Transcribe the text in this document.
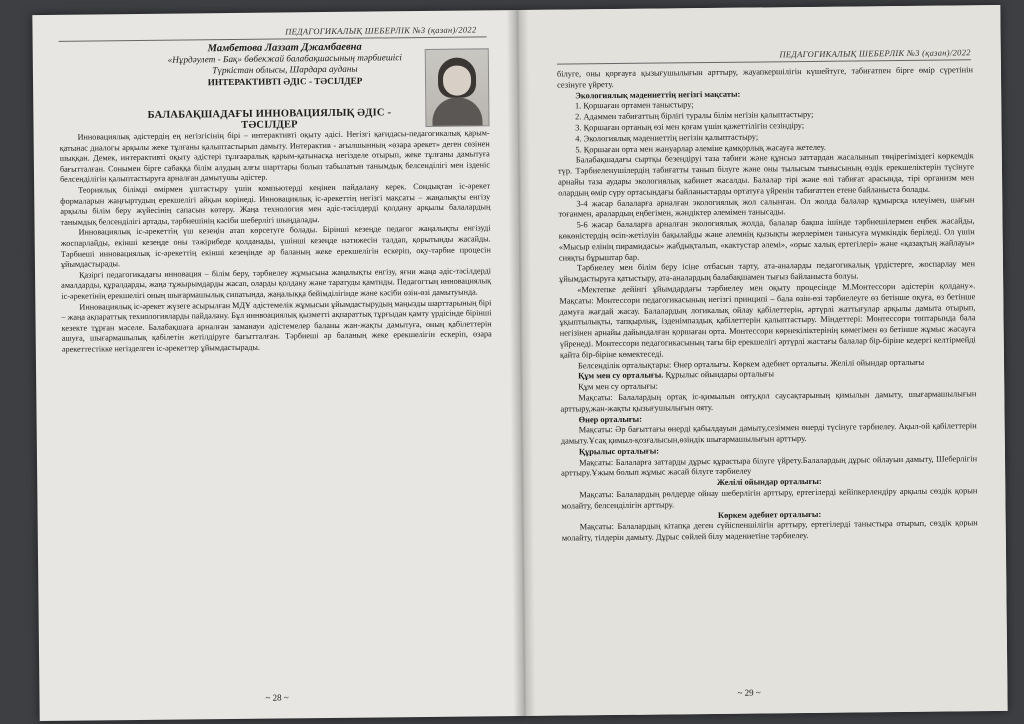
ПЕДАГОГИКАЛЫҚ ШЕБЕРЛІК №3 (қазан)/2022
Мамбетова Лаззат Джамбаевна
«Нұрдәулет - Бақ» бөбекжай балабақшасының тәрбиешісі Түркістан облысы, Шардара ауданы
ИНТЕРАКТИВТІ ӘДІС - ТӘСІЛДЕР
БАЛАБАҚШАДАҒЫ ИННОВАЦИЯЛЫҚ ӘДІС - ТӘСІЛДЕР

Инновациялық әдістердің ең негізгісінің бірі – интерактивті оқыту әдісі. Негізгі қағидасы-педагогикалық қарым-қатынас диалогы арқылы жеке тұлғаны қалыптастырып дамыту. Интерактив - ағылшынның «өзара әрекет» деген сөзінен шыққан. Демек, интерактивті оқыту әдістері тұлғааралық қарым-қатынасқа негізделе отырып, жеке тұлғаны дамытуға бағытталған. Сонымен бірге сабаққа білім алудың алғы шарттары болып табылатын танымдық белсенділігі мен ізденіс белсенділігін қалыптастыруға арналған дамытушы әдістер.

Теориялық білімді өмірмен ұштастыру үшін компьютерді кеңінен пайдалану керек. Сондықтан іс-әрекет формаларын жаңғыртудың ерекшелігі айқын көрінеді. Инновациялық іс-әрекеттің негізгі мақсаты – жаңалықты енгізу арқылы білім беру жүйесінің сапасын көтеру. Жаңа технология мен әдіс-тәсілдерді қолдану арқылы балалардың танымдық белсенділігі артады, тәрбиешінің кәсіби шеберлігі шыңдалады.

Инновациялық іс-әрекеттің үш кезеңін атап көрсетуге болады. Бірінші кезеңде педагог жаңалықты енгізуді жоспарлайды, екінші кезеңде оны тәжірибеде қолданады, үшінші кезеңде нәтижесін талдап, қорытынды жасайды. Тәрбиеші инновациялық іс-әрекеттің екінші кезеңінде әр баланың жеке ерекшелігін ескеріп, оқу-тәрбие процесін ұйымдастырады.

Қазіргі педагогикадағы инновация – білім беру, тәрбиелеу жұмысына жаңалықты енгізу, яғни жаңа әдіс-тәсілдерді амалдарды, құралдарды, жаңа тұжырымдарды жасап, оларды қолдану және таратуды қамтиды. Педагогтың инновациялық іс-әрекетінің ерекшелігі оның шығармашылық сипатында, жаңалыққа бейімділігінде және кәсіби өзін-өзі дамытуында.

Инновациялық іс-әрекет жүзеге асырылған МДҰ әдістемелік жұмысын ұйымдастырудың маңызды шарттарының бірі – жаңа ақпараттық технологияларды пайдалану. Бұл иннвоациялық қызметті ақпараттық тұрғыдан қамту үрдісінде бірінші кезекте тұрған мәселе. Балабақшаға арналған заманауи әдістемелер баланы жан-жақты дамытуға, оның қабілеттерін ашуға, шығармашылық қабілетін жетілдіруге бағытталған. Тәрбиеші әр баланың жеке ерекшелігін ескеріп, өзара әрекеттестікке негізделген іс-әрекеттер ұйымдастырады.

~ 28 ~
ПЕДАГОГИКАЛЫҚ ШЕБЕРЛІК №3 (қазан)/2022

білуге, оны қорғауға қызығушылығын арттыру, жауапкершілігін күшейтуге, табиғатпен бірге өмір сүретінін сезінуге үйрету.

Экологиялық мәдениеттің негізгі мақсаты:

1. Қоршаған ортамен таныстыру;
2. Адаммен табиғаттың бірлігі туралы білім негізін қалыптастыру;
3. Қоршаған ортаның өзі мен қоғам үшін қажеттілігін сезіндіру;
4. Экологиялық мәдениеттің негізін қалыптастыру;
5. Қоршаған орта мен жануарлар әлеміне қамқорлық жасауға жетелеу.

Балабақшадағы сыртқы безендіруі таза табиғи және құнсыз заттардан жасалынып төңірегіміздегі көркемдік түр. Тәрбиеленушілердің табиғатты танып білуге және оны тылысым тынысының өздік ерекшеліктерін түсінуге арнайы таза аудары экологиялық кабинет жасалды. Балалар тірі және өлі табиғат арасында, тірі организм мен олардың өмір сүру ортасындағы байланыстарды ортатуға үйренін табиғаттен етене байланыста болады.

3-4 жасар балаларға арналған экологиялық жол салынған. Ол жолда балалар құмырсқа илеуімен, шағын тоғанмен, аралардың еңбегімен, жәндіктер әлемімен танысады.

5-6 жасар балаларға арналған экологиялық жолда, балалар бақша ішінде тәрбиешілермен еңбек жасайды, көкөністердің өсіп-жетілуін бақылайды және әлемнің қызықты жерлерімен танысуға мүмкіндік беріледі. Ол үшін «Мысыр елінің пирамидасы» жабдықталып, «кактустар әлемі», «орыс халық ертегілері» және «қазақтың жайлауы» сияқты бұрыштар бар.

Тәрбиелеу мен білім беру ісіне отбасын тарту, ата-аналарды педагогикалық үрдістерге, жоспарлау мен ұйымдастыруға қатыстыру, ата-аналардың балабақшамен тығыз байланыста болуы.

«Мектепке дейінгі ұйымдардағы тәрбиелеу мен оқыту процесінде М.Монтессори әдістерін қолдану». Мақсаты: Монтессори педагогикасының негізгі принципі – бала өзін-өзі тәрбиелеуге өз бетінше оқуға, өз бетінше дамуға жағдай жасау. Балалардың логикалық ойлау қабілеттерін, әртүрлі жаттығулар арқылы дамыта отырып, ұқыптылықты, тапқырлық, ізденімпаздық қабілеттерін қалыптастыру. Міндеттері: Монтессори топтарында бала негізінен арнайы дайындалған қоршаған орта. Монтессори көрнекіліктерінің көмегімен өз бетінше жұмыс жасауға үйренеді. Монтессори педагогикасының тағы бір ерекшелігі әртүрлі жастағы балалар бір-біріне кедергі келтірмейді қайта бір-біріне көмектеседі.

Белсенділік орталықтары: Өнер орталығы. Көркем әдебиет орталығы. Желілі ойындар орталығы

Құм мен су орталығы. Құрылыс ойындары орталығы

Құм мен су орталығы:

Мақсаты: Балалардың ортақ іс-қимылын ояту,қол саусақтарының қимылын дамыту, шығармашылығын арттыру,жан-жақты қызығушылығын ояту.

Өнер орталығы:

Мақсаты: Әр бағыттағы өнерді қабылдауын дамыту,сезіммен өнерді түсінуге тәрбиелеу. Ақыл-ой қабілеттерін дамыту.Ұсақ қимыл-қозғалысын,өзіндік шығармашылығын арттыру.

Құрылыс орталығы:

Мақсаты: Балаларға заттарды дұрыс құрастыра білуге үйрету.Балалардың дұрыс ойлауын дамыту, Шеберлігін арттыру.Ұжым болып жұмыс жасай білуге тәрбиелеу

Желілі ойындар орталығы:

Мақсаты: Балалардың рөлдерде ойнау шеберлігін арттыру, ертегілерді кейіпкерлендіру арқылы сөздік қорын молайту, белсенділігін арттыру.

Көркем әдебиет орталығы:

Мақсаты: Балалардың кітапқа деген сүйіспеншілігін арттыру, ертегілерді таныстыра отырып, сөздік қорын молайту, тілдерін дамыту. Дұрыс сөйлей білу мәдениетіне тәрбиелеу.

~ 29 ~
